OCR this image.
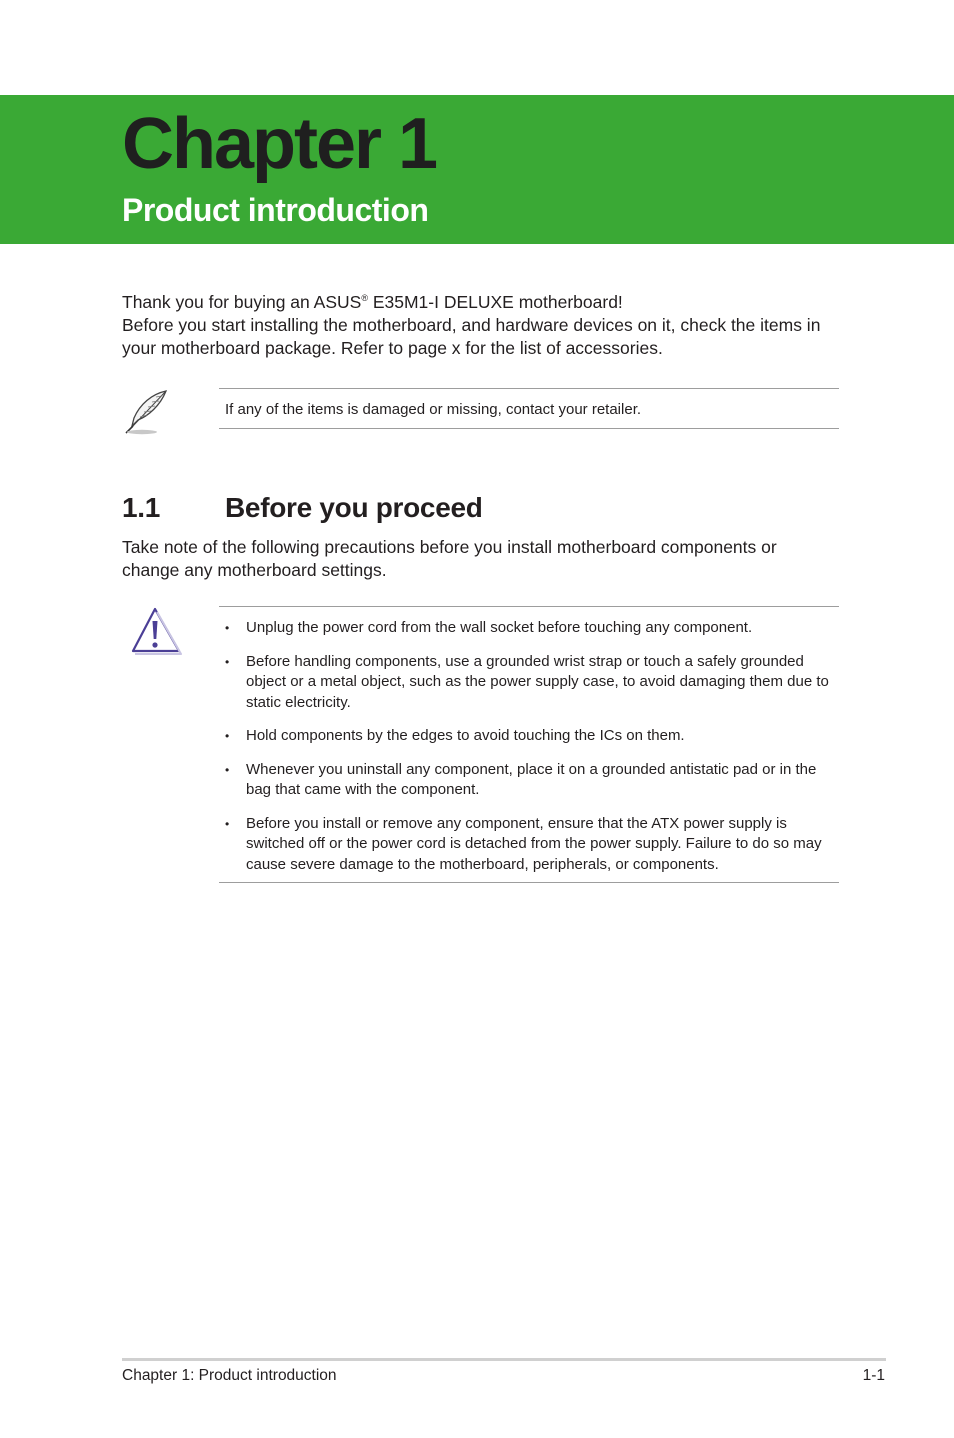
Chapter 1
Product introduction
Thank you for buying an ASUS® E35M1-I DELUXE motherboard!
Before you start installing the motherboard, and hardware devices on it, check the items in your motherboard package. Refer to page x for the list of accessories.
If any of the items is damaged or missing, contact your retailer.
1.1 Before you proceed
Take note of the following precautions before you install motherboard components or change any motherboard settings.
• Unplug the power cord from the wall socket before touching any component.
• Before handling components, use a grounded wrist strap or touch a safely grounded object or a metal object, such as the power supply case, to avoid damaging them due to static electricity.
• Hold components by the edges to avoid touching the ICs on them.
• Whenever you uninstall any component, place it on a grounded antistatic pad or in the bag that came with the component.
• Before you install or remove any component, ensure that the ATX power supply is switched off or the power cord is detached from the power supply. Failure to do so may cause severe damage to the motherboard, peripherals, or components.
Chapter 1: Product introduction	1-1
